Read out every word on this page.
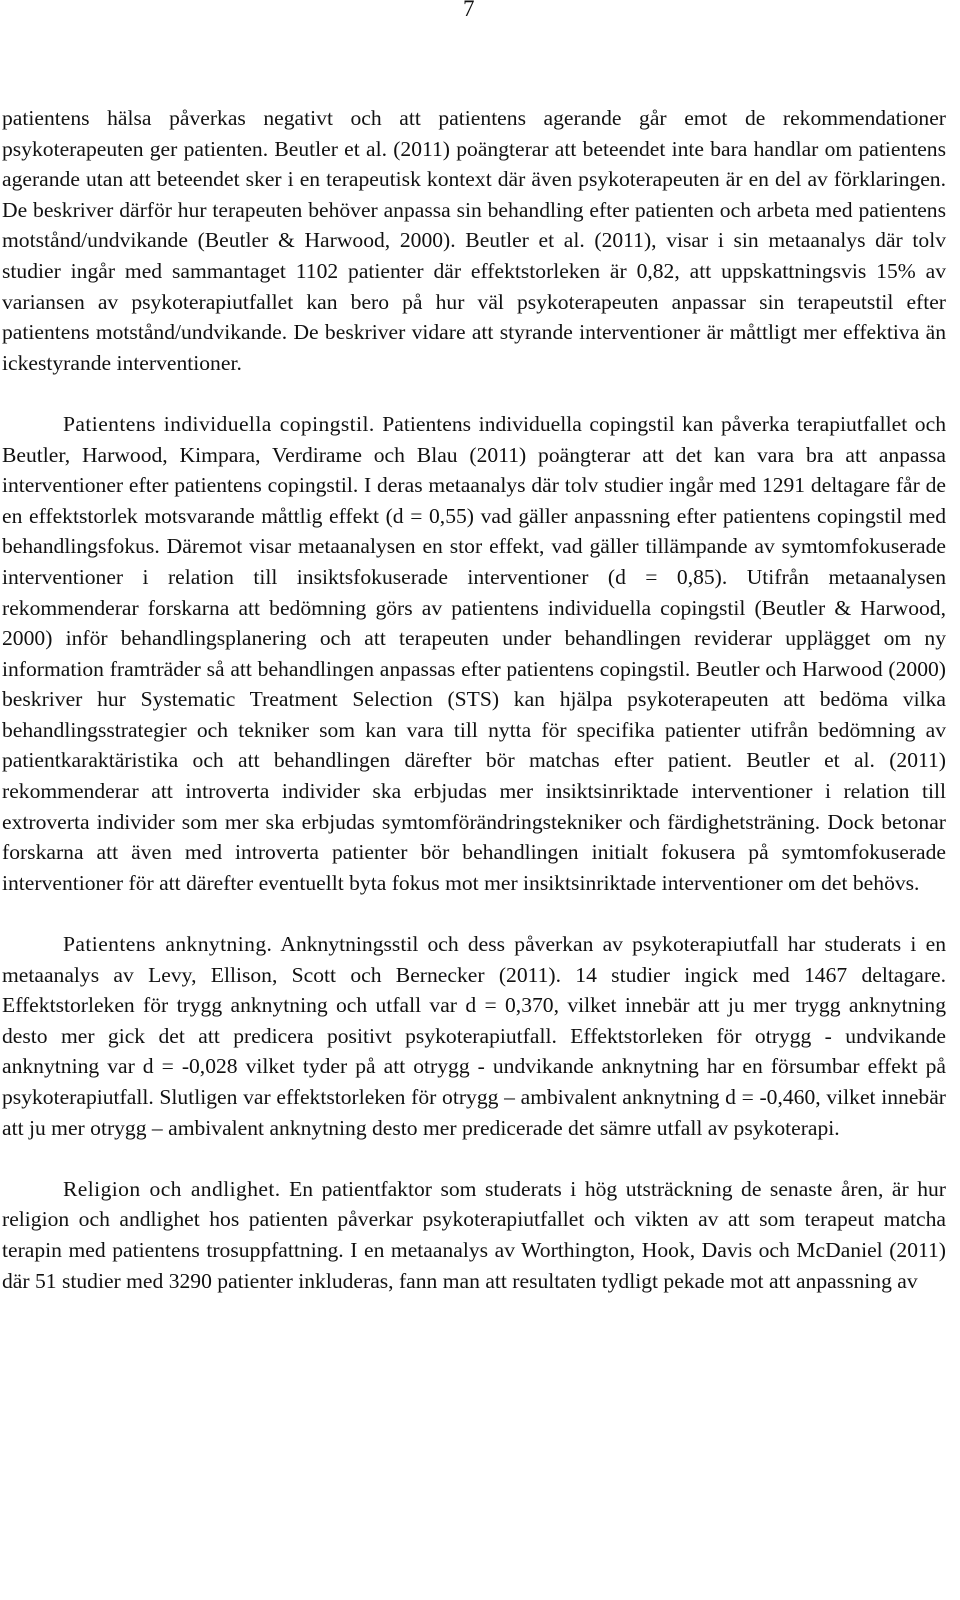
7

patientens hälsa påverkas negativt och att patientens agerande går emot de rekommendationer psykoterapeuten ger patienten. Beutler et al. (2011) poängterar att beteendet inte bara handlar om patientens agerande utan att beteendet sker i en terapeutisk kontext där även psykoterapeuten är en del av förklaringen. De beskriver därför hur terapeuten behöver anpassa sin behandling efter patienten och arbeta med patientens motstånd/undvikande (Beutler & Harwood, 2000). Beutler et al. (2011), visar i sin metaanalys där tolv studier ingår med sammantaget 1102 patienter där effektstorleken är 0,82, att uppskattningsvis 15% av variansen av psykoterapiutfallet kan bero på hur väl psykoterapeuten anpassar sin terapeutstil efter patientens motstånd/undvikande. De beskriver vidare att styrande interventioner är måttligt mer effektiva än ickestyrande interventioner.

Patientens individuella copingstil. Patientens individuella copingstil kan påverka terapiutfallet och Beutler, Harwood, Kimpara, Verdirame och Blau (2011) poängterar att det kan vara bra att anpassa interventioner efter patientens copingstil. I deras metaanalys där tolv studier ingår med 1291 deltagare får de en effektstorlek motsvarande måttlig effekt (d = 0,55) vad gäller anpassning efter patientens copingstil med behandlingsfokus. Däremot visar metaanalysen en stor effekt, vad gäller tillämpande av symtomfokuserade interventioner i relation till insiktsfokuserade interventioner (d = 0,85). Utifrån metaanalysen rekommenderar forskarna att bedömning görs av patientens individuella copingstil (Beutler & Harwood, 2000) inför behandlingsplanering och att terapeuten under behandlingen reviderar upplägget om ny information framträder så att behandlingen anpassas efter patientens copingstil. Beutler och Harwood (2000) beskriver hur Systematic Treatment Selection (STS) kan hjälpa psykoterapeuten att bedöma vilka behandlingsstrategier och tekniker som kan vara till nytta för specifika patienter utifrån bedömning av patientkaraktäristika och att behandlingen därefter bör matchas efter patient. Beutler et al. (2011) rekommenderar att introverta individer ska erbjudas mer insiktsinriktade interventioner i relation till extroverta individer som mer ska erbjudas symtomförändringstekniker och färdighetsträning. Dock betonar forskarna att även med introverta patienter bör behandlingen initialt fokusera på symtomfokuserade interventioner för att därefter eventuellt byta fokus mot mer insiktsinriktade interventioner om det behövs.

Patientens anknytning. Anknytningsstil och dess påverkan av psykoterapiutfall har studerats i en metaanalys av Levy, Ellison, Scott och Bernecker (2011). 14 studier ingick med 1467 deltagare. Effektstorleken för trygg anknytning och utfall var d = 0,370, vilket innebär att ju mer trygg anknytning desto mer gick det att predicera positivt psykoterapiutfall. Effektstorleken för otrygg - undvikande anknytning var d = -0,028 vilket tyder på att otrygg - undvikande anknytning har en försumbar effekt på psykoterapiutfall. Slutligen var effektstorleken för otrygg – ambivalent anknytning d = -0,460, vilket innebär att ju mer otrygg – ambivalent anknytning desto mer predicerade det sämre utfall av psykoterapi.

Religion och andlighet. En patientfaktor som studerats i hög utsträckning de senaste åren, är hur religion och andlighet hos patienten påverkar psykoterapiutfallet och vikten av att som terapeut matcha terapin med patientens trosuppfattning. I en metaanalys av Worthington, Hook, Davis och McDaniel (2011) där 51 studier med 3290 patienter inkluderas, fann man att resultaten tydligt pekade mot att anpassning av
